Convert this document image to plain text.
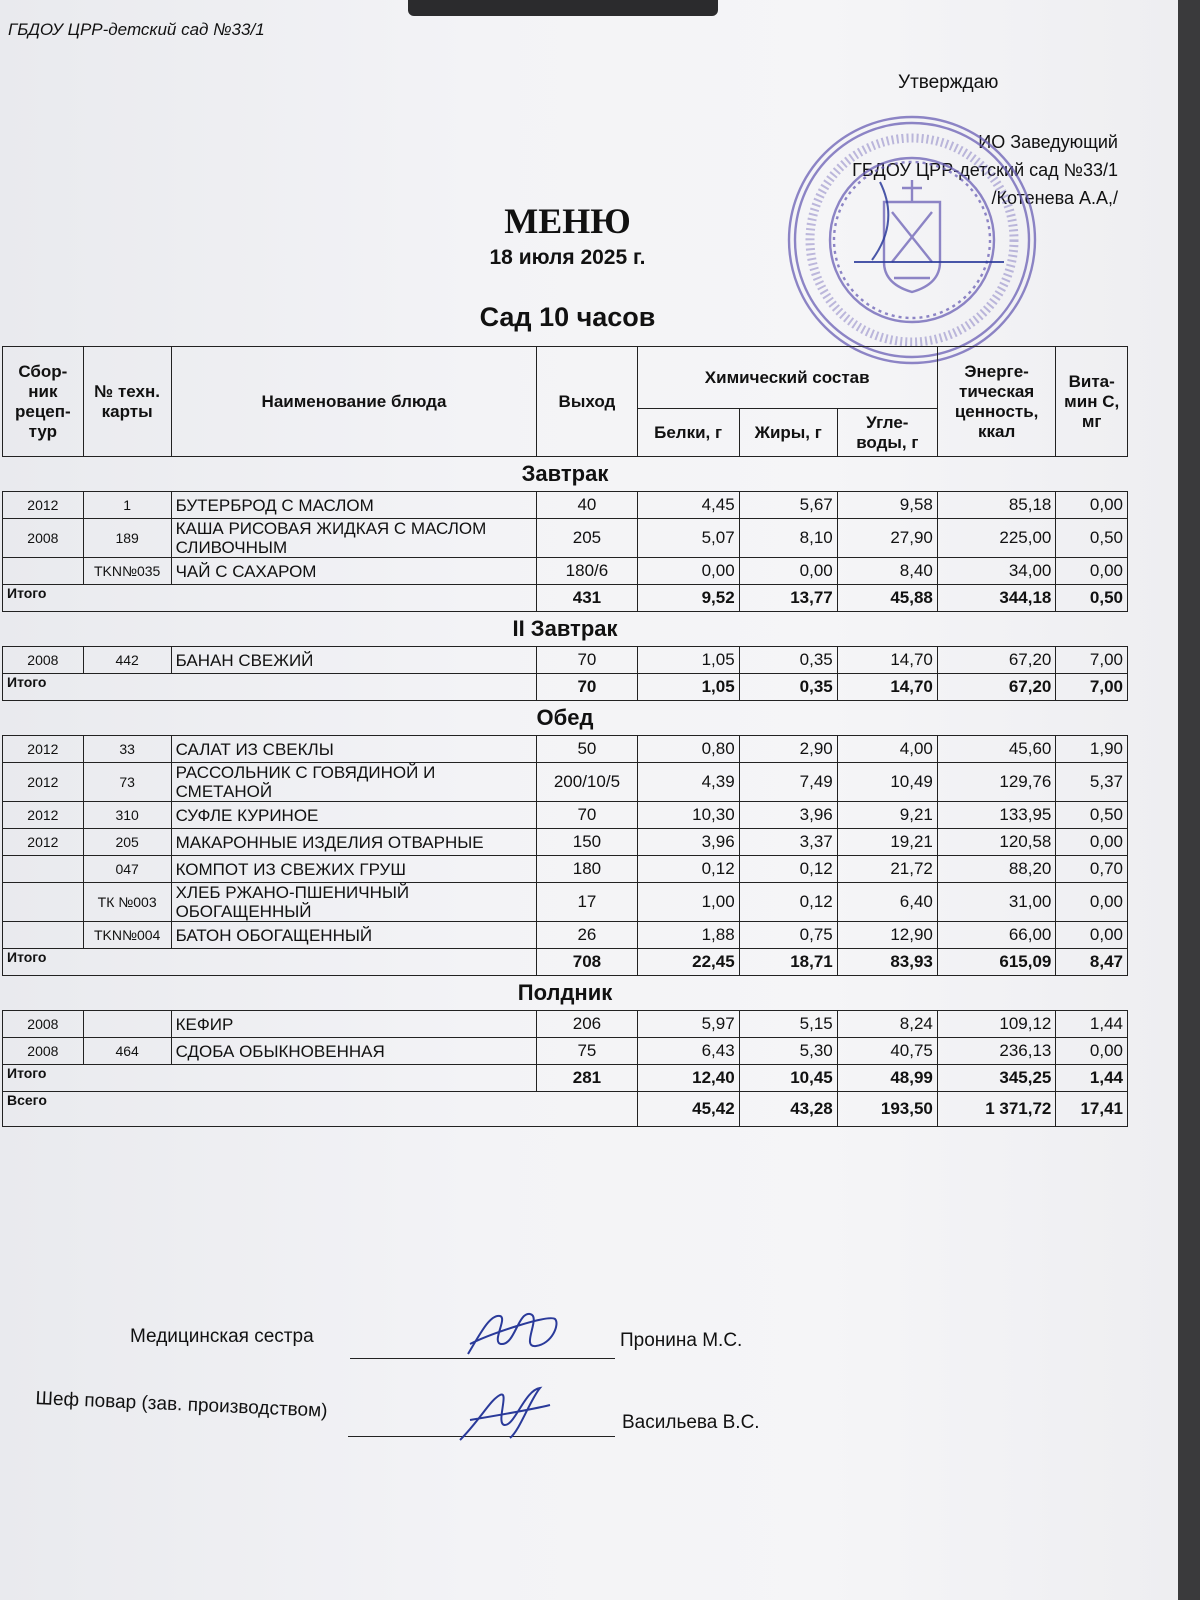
ГБДОУ ЦРР-детский сад №33/1
Утверждаю
ИО Заведующий
ГБДОУ ЦРР-детский сад №33/1
/Котенева А.А,/
МЕНЮ
18 июля 2025 г.
Сад 10 часов
Сбор-ник рецеп-тур	№ техн. карты	Наименование блюда	Выход	Химический состав			Энерге-тическая ценность, ккал	Вита-мин С, мг
				Белки, г	Жиры, г	Угле-воды, г		
Завтрак								
2012	1	БУТЕРБРОД С МАСЛОМ	40	4,45	5,67	9,58	85,18	0,00
2008	189	КАША РИСОВАЯ ЖИДКАЯ С МАСЛОМ СЛИВОЧНЫМ	205	5,07	8,10	27,90	225,00	0,50
	TKN№035	ЧАЙ С САХАРОМ	180/6	0,00	0,00	8,40	34,00	0,00
Итого			431	9,52	13,77	45,88	344,18	0,50
II Завтрак								
2008	442	БАНАН СВЕЖИЙ	70	1,05	0,35	14,70	67,20	7,00
Итого			70	1,05	0,35	14,70	67,20	7,00
Обед								
2012	33	САЛАТ ИЗ СВЕКЛЫ	50	0,80	2,90	4,00	45,60	1,90
2012	73	РАССОЛЬНИК С ГОВЯДИНОЙ И СМЕТАНОЙ	200/10/5	4,39	7,49	10,49	129,76	5,37
2012	310	СУФЛЕ КУРИНОЕ	70	10,30	3,96	9,21	133,95	0,50
2012	205	МАКАРОННЫЕ ИЗДЕЛИЯ ОТВАРНЫЕ	150	3,96	3,37	19,21	120,58	0,00
	047	КОМПОТ ИЗ СВЕЖИХ ГРУШ	180	0,12	0,12	21,72	88,20	0,70
	ТК №003	ХЛЕБ РЖАНО-ПШЕНИЧНЫЙ ОБОГАЩЕННЫЙ	17	1,00	0,12	6,40	31,00	0,00
	TKN№004	БАТОН ОБОГАЩЕННЫЙ	26	1,88	0,75	12,90	66,00	0,00
Итого			708	22,45	18,71	83,93	615,09	8,47
Полдник								
2008		КЕФИР	206	5,97	5,15	8,24	109,12	1,44
2008	464	СДОБА ОБЫКНОВЕННАЯ	75	6,43	5,30	40,75	236,13	0,00
Итого			281	12,40	10,45	48,99	345,25	1,44
Всего				45,42	43,28	193,50	1 371,72	17,41
Медицинская сестра	Пронина М.С.
Шеф повар (зав. производством)
Васильева В.С.
